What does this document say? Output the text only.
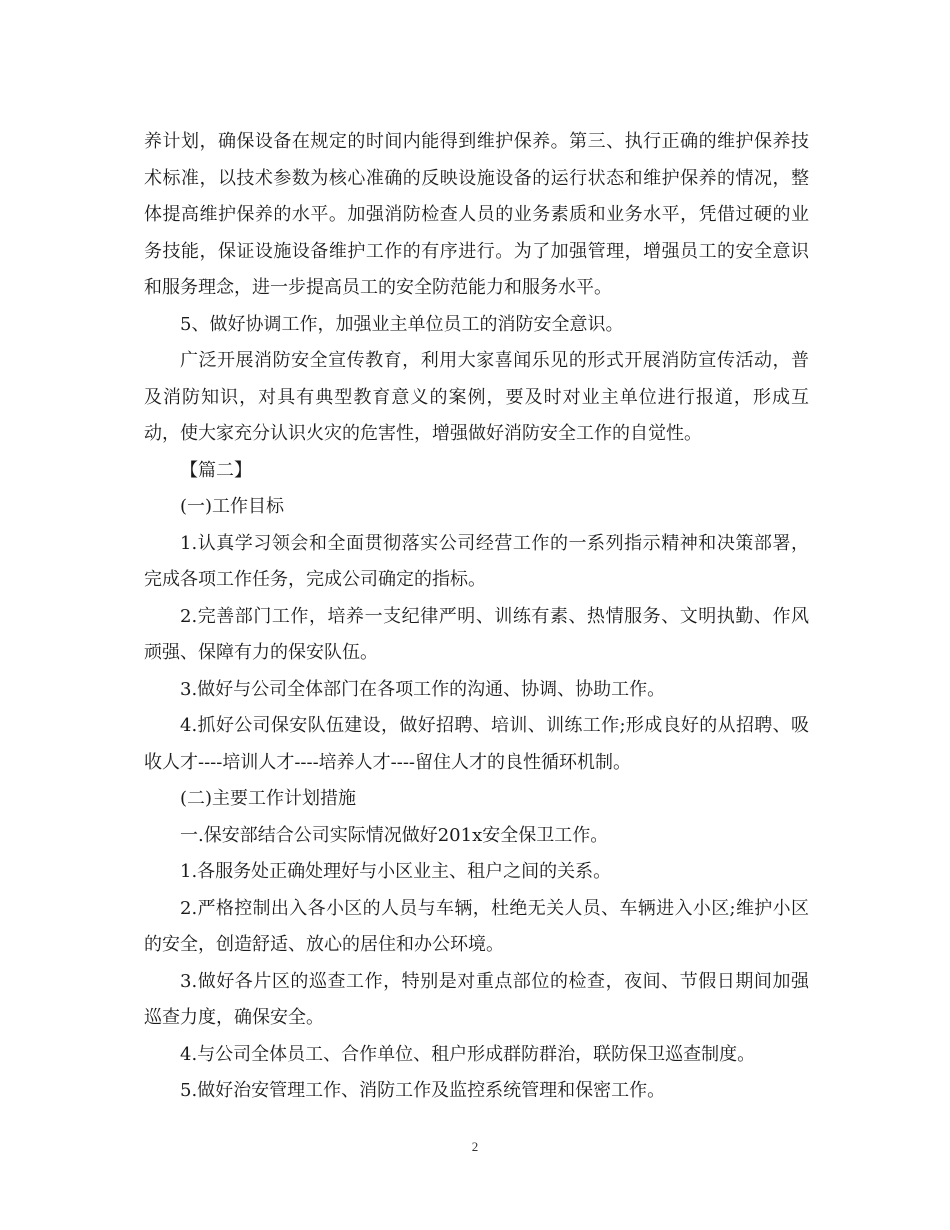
养计划，确保设备在规定的时间内能得到维护保养。第三、执行正确的维护保养技术标准，以技术参数为核心准确的反映设施设备的运行状态和维护保养的情况，整体提高维护保养的水平。加强消防检查人员的业务素质和业务水平，凭借过硬的业务技能，保证设施设备维护工作的有序进行。为了加强管理，增强员工的安全意识和服务理念，进一步提高员工的安全防范能力和服务水平。

5、做好协调工作，加强业主单位员工的消防安全意识。

广泛开展消防安全宣传教育，利用大家喜闻乐见的形式开展消防宣传活动，普及消防知识，对具有典型教育意义的案例，要及时对业主单位进行报道，形成互动，使大家充分认识火灾的危害性，增强做好消防安全工作的自觉性。

【篇二】

(一)工作目标

1.认真学习领会和全面贯彻落实公司经营工作的一系列指示精神和决策部署，完成各项工作任务，完成公司确定的指标。

2.完善部门工作，培养一支纪律严明、训练有素、热情服务、文明执勤、作风顽强、保障有力的保安队伍。

3.做好与公司全体部门在各项工作的沟通、协调、协助工作。

4.抓好公司保安队伍建设，做好招聘、培训、训练工作;形成良好的从招聘、吸收人才----培训人才----培养人才----留住人才的良性循环机制。

(二)主要工作计划措施

一.保安部结合公司实际情况做好201x安全保卫工作。

1.各服务处正确处理好与小区业主、租户之间的关系。

2.严格控制出入各小区的人员与车辆，杜绝无关人员、车辆进入小区;维护小区的安全，创造舒适、放心的居住和办公环境。

3.做好各片区的巡查工作，特别是对重点部位的检查，夜间、节假日期间加强巡查力度，确保安全。

4.与公司全体员工、合作单位、租户形成群防群治，联防保卫巡查制度。

5.做好治安管理工作、消防工作及监控系统管理和保密工作。

2
